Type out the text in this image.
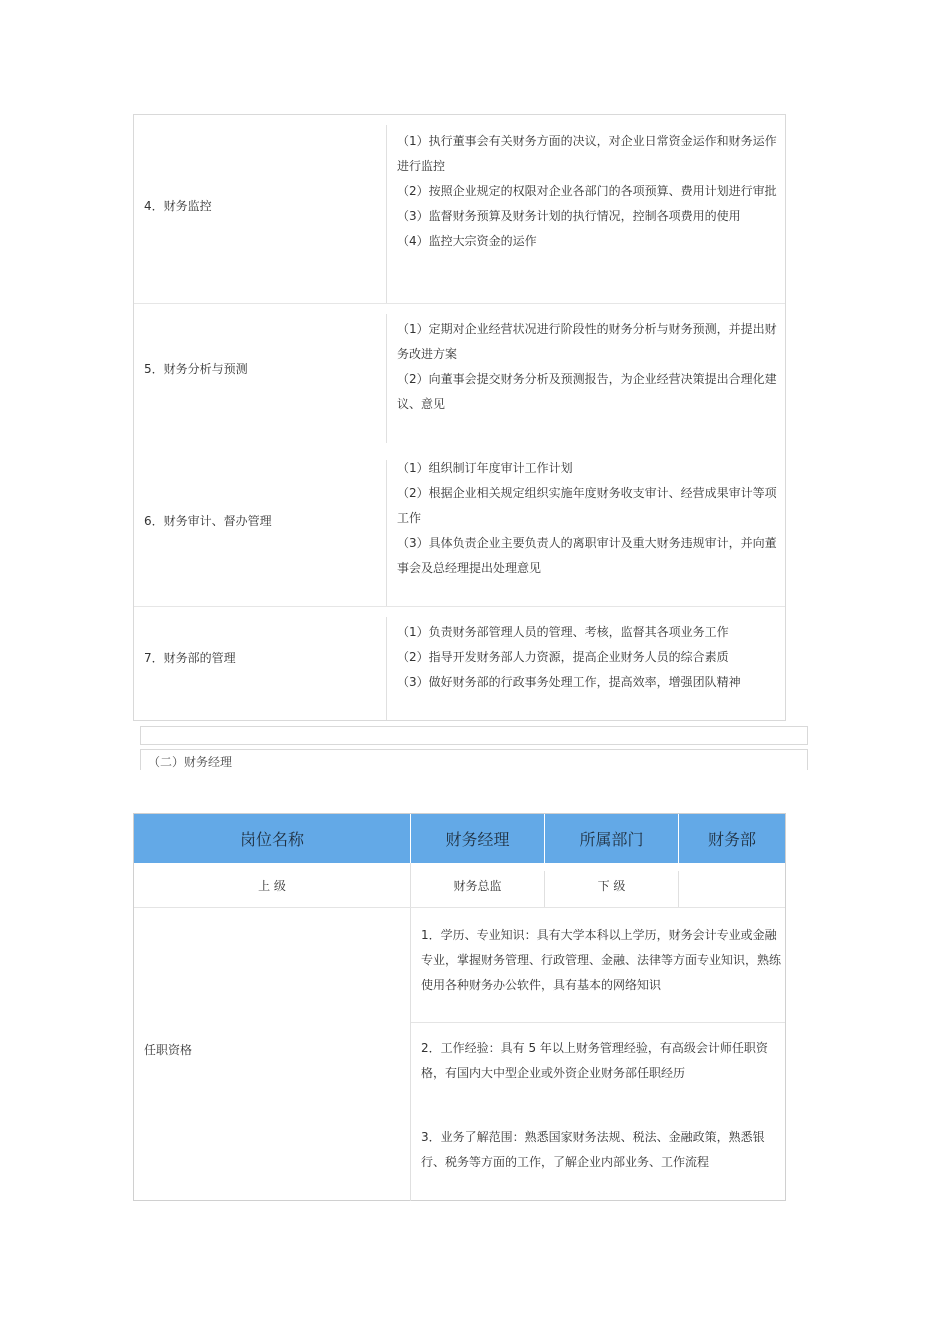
4．财务监控
（1）执行董事会有关财务方面的决议，对企业日常资金运作和财务运作进行监控
（2）按照企业规定的权限对企业各部门的各项预算、费用计划进行审批
（3）监督财务预算及财务计划的执行情况，控制各项费用的使用
（4）监控大宗资金的运作
5．财务分析与预测
（1）定期对企业经营状况进行阶段性的财务分析与财务预测，并提出财务改进方案
（2）向董事会提交财务分析及预测报告，为企业经营决策提出合理化建议、意见
6．财务审计、督办管理
（1）组织制订年度审计工作计划
（2）根据企业相关规定组织实施年度财务收支审计、经营成果审计等项工作
（3）具体负责企业主要负责人的离职审计及重大财务违规审计，并向董事会及总经理提出处理意见
7．财务部的管理
（1）负责财务部管理人员的管理、考核，监督其各项业务工作
（2）指导开发财务部人力资源，提高企业财务人员的综合素质
（3）做好财务部的行政事务处理工作，提高效率，增强团队精神
（二）财务经理
岗位名称	财务经理	所属部门	财务部
上 级	财务总监	下 级
任职资格
1．学历、专业知识：具有大学本科以上学历，财务会计专业或金融专业，掌握财务管理、行政管理、金融、法律等方面专业知识，熟练使用各种财务办公软件，具有基本的网络知识
2．工作经验：具有 5 年以上财务管理经验，有高级会计师任职资格，有国内大中型企业或外资企业财务部任职经历
3．业务了解范围：熟悉国家财务法规、税法、金融政策，熟悉银行、税务等方面的工作，了解企业内部业务、工作流程
